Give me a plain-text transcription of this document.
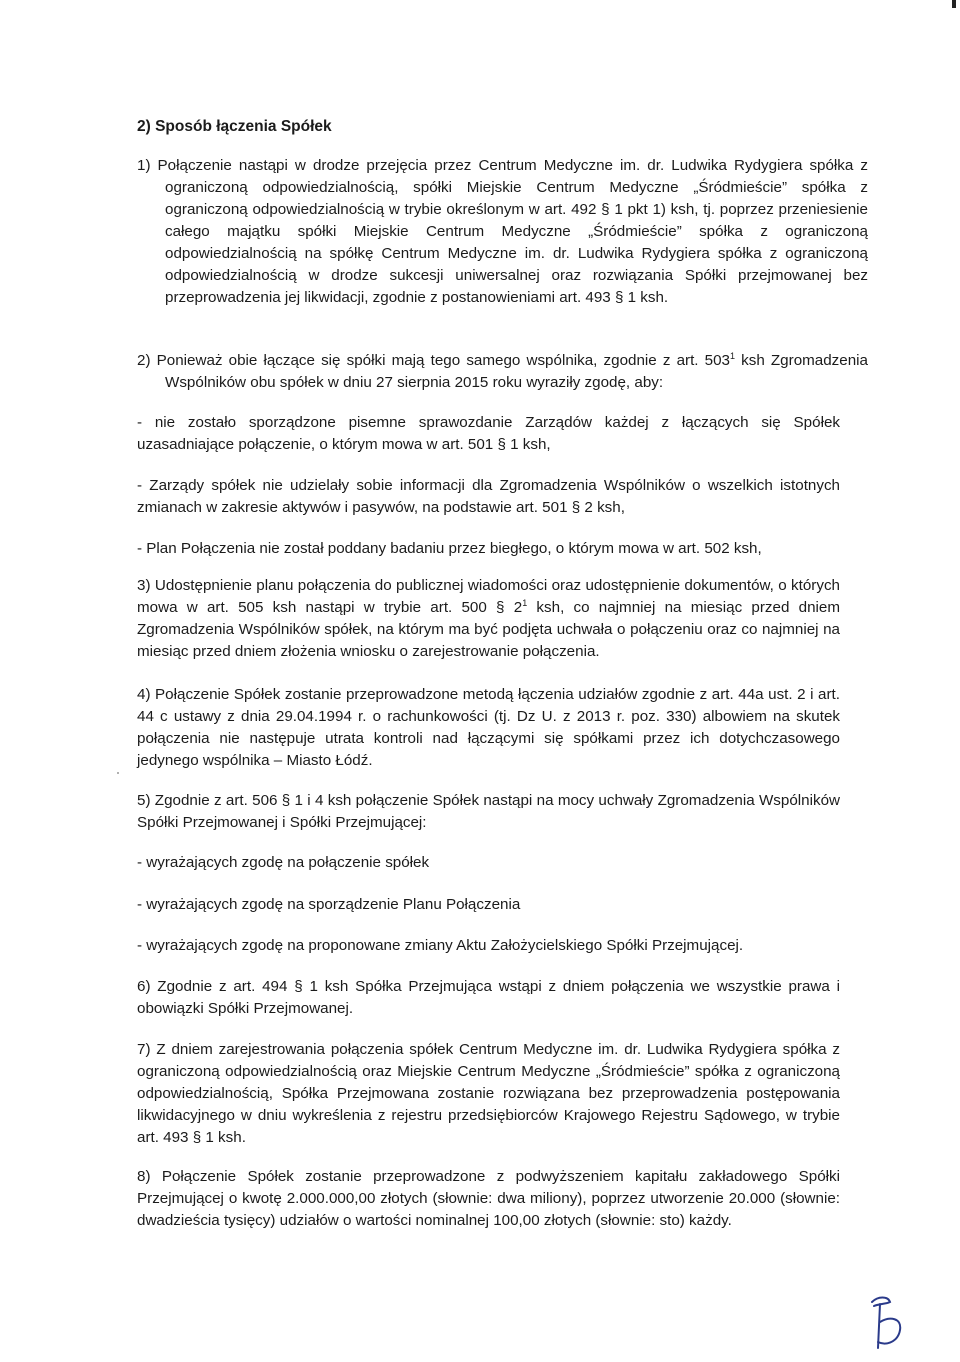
2) Sposób łączenia Spółek
1) Połączenie nastąpi w drodze przejęcia przez Centrum Medyczne im. dr. Ludwika Rydygiera spółka z ograniczoną odpowiedzialnością, spółki Miejskie Centrum Medyczne „Śródmieście” spółka z ograniczoną odpowiedzialnością w trybie określonym w art. 492 § 1 pkt 1) ksh, tj. poprzez przeniesienie całego majątku spółki Miejskie Centrum Medyczne „Śródmieście” spółka z ograniczoną odpowiedzialnością na spółkę Centrum Medyczne im. dr. Ludwika Rydygiera spółka z ograniczoną odpowiedzialnością w drodze sukcesji uniwersalnej oraz rozwiązania Spółki przejmowanej bez przeprowadzenia jej likwidacji, zgodnie z postanowieniami art. 493 § 1 ksh.
2) Ponieważ obie łączące się spółki mają tego samego wspólnika, zgodnie z art. $503^1$ ksh Zgromadzenia Wspólników obu spółek w dniu 27 sierpnia 2015 roku wyraziły zgodę, aby:
- nie zostało sporządzone pisemne sprawozdanie Zarządów każdej z łączących się Spółek uzasadniające połączenie, o którym mowa w art. 501 § 1 ksh,
- Zarządy spółek nie udzielały sobie informacji dla Zgromadzenia Wspólników o wszelkich istotnych zmianach w zakresie aktywów i pasywów, na podstawie art. 501 § 2 ksh,
- Plan Połączenia nie został poddany badaniu przez biegłego, o którym mowa w art. 502 ksh,
3) Udostępnienie planu połączenia do publicznej wiadomości oraz udostępnienie dokumentów, o których mowa w art. 505 ksh nastąpi w trybie art. 500 § $2^1$ ksh, co najmniej na miesiąc przed dniem Zgromadzenia Wspólników spółek, na którym ma być podjęta uchwała o połączeniu oraz co najmniej na miesiąc przed dniem złożenia wniosku o zarejestrowanie połączenia.
4) Połączenie Spółek zostanie przeprowadzone metodą łączenia udziałów zgodnie z art. 44a ust. 2 i art. 44 c ustawy z dnia 29.04.1994 r. o rachunkowości (tj. Dz U. z 2013 r. poz. 330) albowiem na skutek połączenia nie następuje utrata kontroli nad łączącymi się spółkami przez ich dotychczasowego jedynego wspólnika – Miasto Łódź.
5) Zgodnie z art. 506 § 1 i 4 ksh połączenie Spółek nastąpi na mocy uchwały Zgromadzenia Wspólników Spółki Przejmowanej i Spółki Przejmującej:
- wyrażających zgodę na połączenie spółek
- wyrażających zgodę na sporządzenie Planu Połączenia
- wyrażających zgodę na proponowane zmiany Aktu Założycielskiego Spółki Przejmującej.
6) Zgodnie z art. 494 § 1 ksh Spółka Przejmująca wstąpi z dniem połączenia we wszystkie prawa i obowiązki Spółki Przejmowanej.
7) Z dniem zarejestrowania połączenia spółek Centrum Medyczne im. dr. Ludwika Rydygiera spółka z ograniczoną odpowiedzialnością oraz Miejskie Centrum Medyczne „Śródmieście” spółka z ograniczoną odpowiedzialnością, Spółka Przejmowana zostanie rozwiązana bez przeprowadzenia postępowania likwidacyjnego w dniu wykreślenia z rejestru przedsiębiorców Krajowego Rejestru Sądowego, w trybie art. 493 § 1 ksh.
8) Połączenie Spółek zostanie przeprowadzone z podwyższeniem kapitału zakładowego Spółki Przejmującej o kwotę 2.000.000,00 złotych (słownie: dwa miliony), poprzez utworzenie 20.000 (słownie: dwadzieścia tysięcy) udziałów o wartości nominalnej 100,00 złotych (słownie: sto) każdy.
